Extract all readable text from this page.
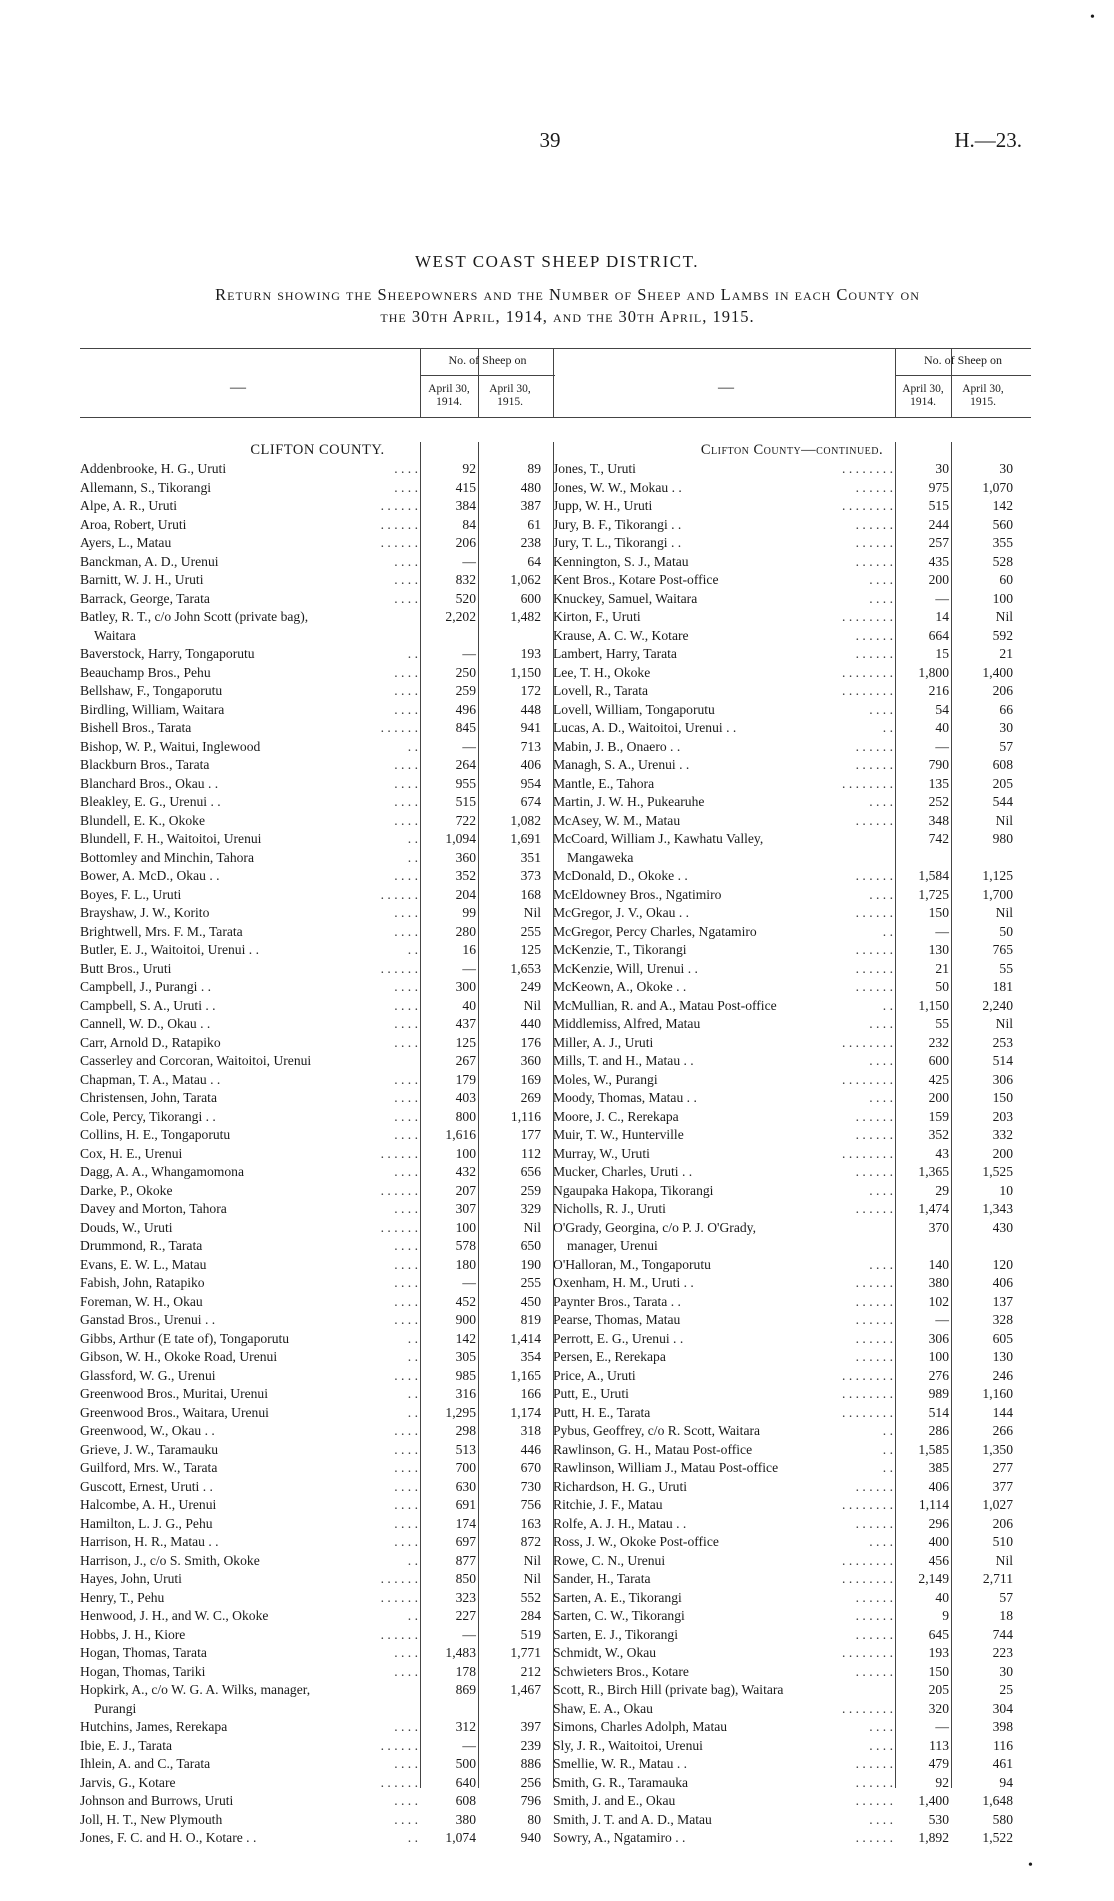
•
39	H.—23.
WEST COAST SHEEP DISTRICT.
Return showing the Sheepowners and the Number of Sheep and Lambs in each County on
the 30th April, 1914, and the 30th April, 1915.
—
No. of Sheep on
April 30,
1914.
April 30,
1915.
CLIFTON COUNTY.
Addenbrooke, H. G., Uruti	. . . .	92	89
Allemann, S., Tikorangi	. . . .	415	480
Alpe, A. R., Uruti	. . . . . .	384	387
Aroa, Robert, Uruti	. . . . . .	84	61
Ayers, L., Matau	. . . . . .	206	238
Banckman, A. D., Urenui	. . . .	—	64
Barnitt, W. J. H., Uruti	. . . .	832	1,062
Barrack, George, Tarata	. . . .	520	600
Batley, R. T., c/o John Scott (private bag),	2,202	1,482
Waitara
Baverstock, Harry, Tongaporutu	. .	—	193
Beauchamp Bros., Pehu	. . . .	250	1,150
Bellshaw, F., Tongaporutu	. . . .	259	172
Birdling, William, Waitara	. . . .	496	448
Bishell Bros., Tarata	. . . . . .	845	941
Bishop, W. P., Waitui, Inglewood	. .	—	713
Blackburn Bros., Tarata	. . . .	264	406
Blanchard Bros., Okau . .	. . . .	955	954
Bleakley, E. G., Urenui . .	. . . .	515	674
Blundell, E. K., Okoke	. . . .	722	1,082
Blundell, F. H., Waitoitoi, Urenui	. .	1,094	1,691
Bottomley and Minchin, Tahora	. .	360	351
Bower, A. McD., Okau . .	. . . .	352	373
Boyes, F. L., Uruti	. . . . . .	204	168
Brayshaw, J. W., Korito	. . . .	99	Nil
Brightwell, Mrs. F. M., Tarata	. . . .	280	255
Butler, E. J., Waitoitoi, Urenui . .	. .	16	125
Butt Bros., Uruti	. . . . . .	—	1,653
Campbell, J., Purangi . .	. . . .	300	249
Campbell, S. A., Uruti . .	. . . .	40	Nil
Cannell, W. D., Okau . .	. . . .	437	440
Carr, Arnold D., Ratapiko	. . . .	125	176
Casserley and Corcoran, Waitoitoi, Urenui	267	360
Chapman, T. A., Matau . .	. . . .	179	169
Christensen, John, Tarata	. . . .	403	269
Cole, Percy, Tikorangi . .	. . . .	800	1,116
Collins, H. E., Tongaporutu	. . . .	1,616	177
Cox, H. E., Urenui	. . . . . .	100	112
Dagg, A. A., Whangamomona	. . . .	432	656
Darke, P., Okoke	. . . . . .	207	259
Davey and Morton, Tahora	. . . .	307	329
Douds, W., Uruti	. . . . . .	100	Nil
Drummond, R., Tarata	. . . .	578	650
Evans, E. W. L., Matau	. . . .	180	190
Fabish, John, Ratapiko	. . . .	—	255
Foreman, W. H., Okau	. . . .	452	450
Ganstad Bros., Urenui . .	. . . .	900	819
Gibbs, Arthur (E tate of), Tongaporutu	. .	142	1,414
Gibson, W. H., Okoke Road, Urenui	. .	305	354
Glassford, W. G., Urenui	. . . .	985	1,165
Greenwood Bros., Muritai, Urenui	. .	316	166
Greenwood Bros., Waitara, Urenui	. .	1,295	1,174
Greenwood, W., Okau . .	. . . .	298	318
Grieve, J. W., Taramauku	. . . .	513	446
Guilford, Mrs. W., Tarata	. . . .	700	670
Guscott, Ernest, Uruti . .	. . . .	630	730
Halcombe, A. H., Urenui	. . . .	691	756
Hamilton, L. J. G., Pehu	. . . .	174	163
Harrison, H. R., Matau . .	. . . .	697	872
Harrison, J., c/o S. Smith, Okoke	. .	877	Nil
Hayes, John, Uruti	. . . . . .	850	Nil
Henry, T., Pehu	. . . . . .	323	552
Henwood, J. H., and W. C., Okoke	. .	227	284
Hobbs, J. H., Kiore	. . . . . .	—	519
Hogan, Thomas, Tarata	. . . .	1,483	1,771
Hogan, Thomas, Tariki	. . . .	178	212
Hopkirk, A., c/o W. G. A. Wilks, manager,	869	1,467
Purangi
Hutchins, James, Rerekapa	. . . .	312	397
Ibie, E. J., Tarata	. . . . . .	—	239
Ihlein, A. and C., Tarata	. . . .	500	886
Jarvis, G., Kotare	. . . . . .	640	256
Johnson and Burrows, Uruti	. . . .	608	796
Joll, H. T., New Plymouth	. . . .	380	80
Jones, F. C. and H. O., Kotare . .	. .	1,074	940
—
No. of Sheep on
April 30,
1914.
April 30,
1915.
Clifton County—continued.
Jones, T., Uruti	. . . . . . . .	30	30
Jones, W. W., Mokau . .	. . . . . .	975	1,070
Jupp, W. H., Uruti	. . . . . . . .	515	142
Jury, B. F., Tikorangi . .	. . . . . .	244	560
Jury, T. L., Tikorangi . .	. . . . . .	257	355
Kennington, S. J., Matau	. . . . . .	435	528
Kent Bros., Kotare Post-office	. . . .	200	60
Knuckey, Samuel, Waitara	. . . .	—	100
Kirton, F., Uruti	. . . . . . . .	14	Nil
Krause, A. C. W., Kotare	. . . . . .	664	592
Lambert, Harry, Tarata	. . . . . .	15	21
Lee, T. H., Okoke	. . . . . . . .	1,800	1,400
Lovell, R., Tarata	. . . . . . . .	216	206
Lovell, William, Tongaporutu	. . . .	54	66
Lucas, A. D., Waitoitoi, Urenui . .	. .	40	30
Mabin, J. B., Onaero . .	. . . . . .	—	57
Managh, S. A., Urenui . .	. . . . . .	790	608
Mantle, E., Tahora	. . . . . . . .	135	205
Martin, J. W. H., Pukearuhe	. . . .	252	544
McAsey, W. M., Matau	. . . . . .	348	Nil
McCoard, William J., Kawhatu Valley,	742	980
Mangaweka
McDonald, D., Okoke . .	. . . . . .	1,584	1,125
McEldowney Bros., Ngatimiro	. . . .	1,725	1,700
McGregor, J. V., Okau . .	. . . . . .	150	Nil
McGregor, Percy Charles, Ngatamiro	. .	—	50
McKenzie, T., Tikorangi	. . . . . .	130	765
McKenzie, Will, Urenui . .	. . . . . .	21	55
McKeown, A., Okoke . .	. . . . . .	50	181
McMullian, R. and A., Matau Post-office	. .	1,150	2,240
Middlemiss, Alfred, Matau	. . . .	55	Nil
Miller, A. J., Uruti	. . . . . . . .	232	253
Mills, T. and H., Matau . .	. . . .	600	514
Moles, W., Purangi	. . . . . . . .	425	306
Moody, Thomas, Matau . .	. . . .	200	150
Moore, J. C., Rerekapa	. . . . . .	159	203
Muir, T. W., Hunterville	. . . . . .	352	332
Murray, W., Uruti	. . . . . . . .	43	200
Mucker, Charles, Uruti . .	. . . . . .	1,365	1,525
Ngaupaka Hakopa, Tikorangi	. . . .	29	10
Nicholls, R. J., Uruti	. . . . . .	1,474	1,343
O'Grady, Georgina, c/o P. J. O'Grady,	370	430
manager, Urenui
O'Halloran, M., Tongaporutu	. . . .	140	120
Oxenham, H. M., Uruti . .	. . . . . .	380	406
Paynter Bros., Tarata . .	. . . . . .	102	137
Pearse, Thomas, Matau	. . . . . .	—	328
Perrott, E. G., Urenui . .	. . . . . .	306	605
Persen, E., Rerekapa	. . . . . .	100	130
Price, A., Uruti	. . . . . . . .	276	246
Putt, E., Uruti	. . . . . . . .	989	1,160
Putt, H. E., Tarata	. . . . . . . .	514	144
Pybus, Geoffrey, c/o R. Scott, Waitara	. .	286	266
Rawlinson, G. H., Matau Post-office	. .	1,585	1,350
Rawlinson, William J., Matau Post-office	. .	385	277
Richardson, H. G., Uruti	. . . . . .	406	377
Ritchie, J. F., Matau	. . . . . . . .	1,114	1,027
Rolfe, A. J. H., Matau . .	. . . . . .	296	206
Ross, J. W., Okoke Post-office	. . . .	400	510
Rowe, C. N., Urenui	. . . . . . . .	456	Nil
Sander, H., Tarata	. . . . . . . .	2,149	2,711
Sarten, A. E., Tikorangi	. . . . . .	40	57
Sarten, C. W., Tikorangi	. . . . . .	9	18
Sarten, E. J., Tikorangi	. . . . . .	645	744
Schmidt, W., Okau	. . . . . . . .	193	223
Schwieters Bros., Kotare	. . . . . .	150	30
Scott, R., Birch Hill (private bag), Waitara	205	25
Shaw, E. A., Okau	. . . . . . . .	320	304
Simons, Charles Adolph, Matau	. . . .	—	398
Sly, J. R., Waitoitoi, Urenui	. . . .	113	116
Smellie, W. R., Matau . .	. . . . . .	479	461
Smith, G. R., Taramauka	. . . . . .	92	94
Smith, J. and E., Okau	. . . . . .	1,400	1,648
Smith, J. T. and A. D., Matau	. . . .	530	580
Sowry, A., Ngatamiro . .	. . . . . .	1,892	1,522
•
